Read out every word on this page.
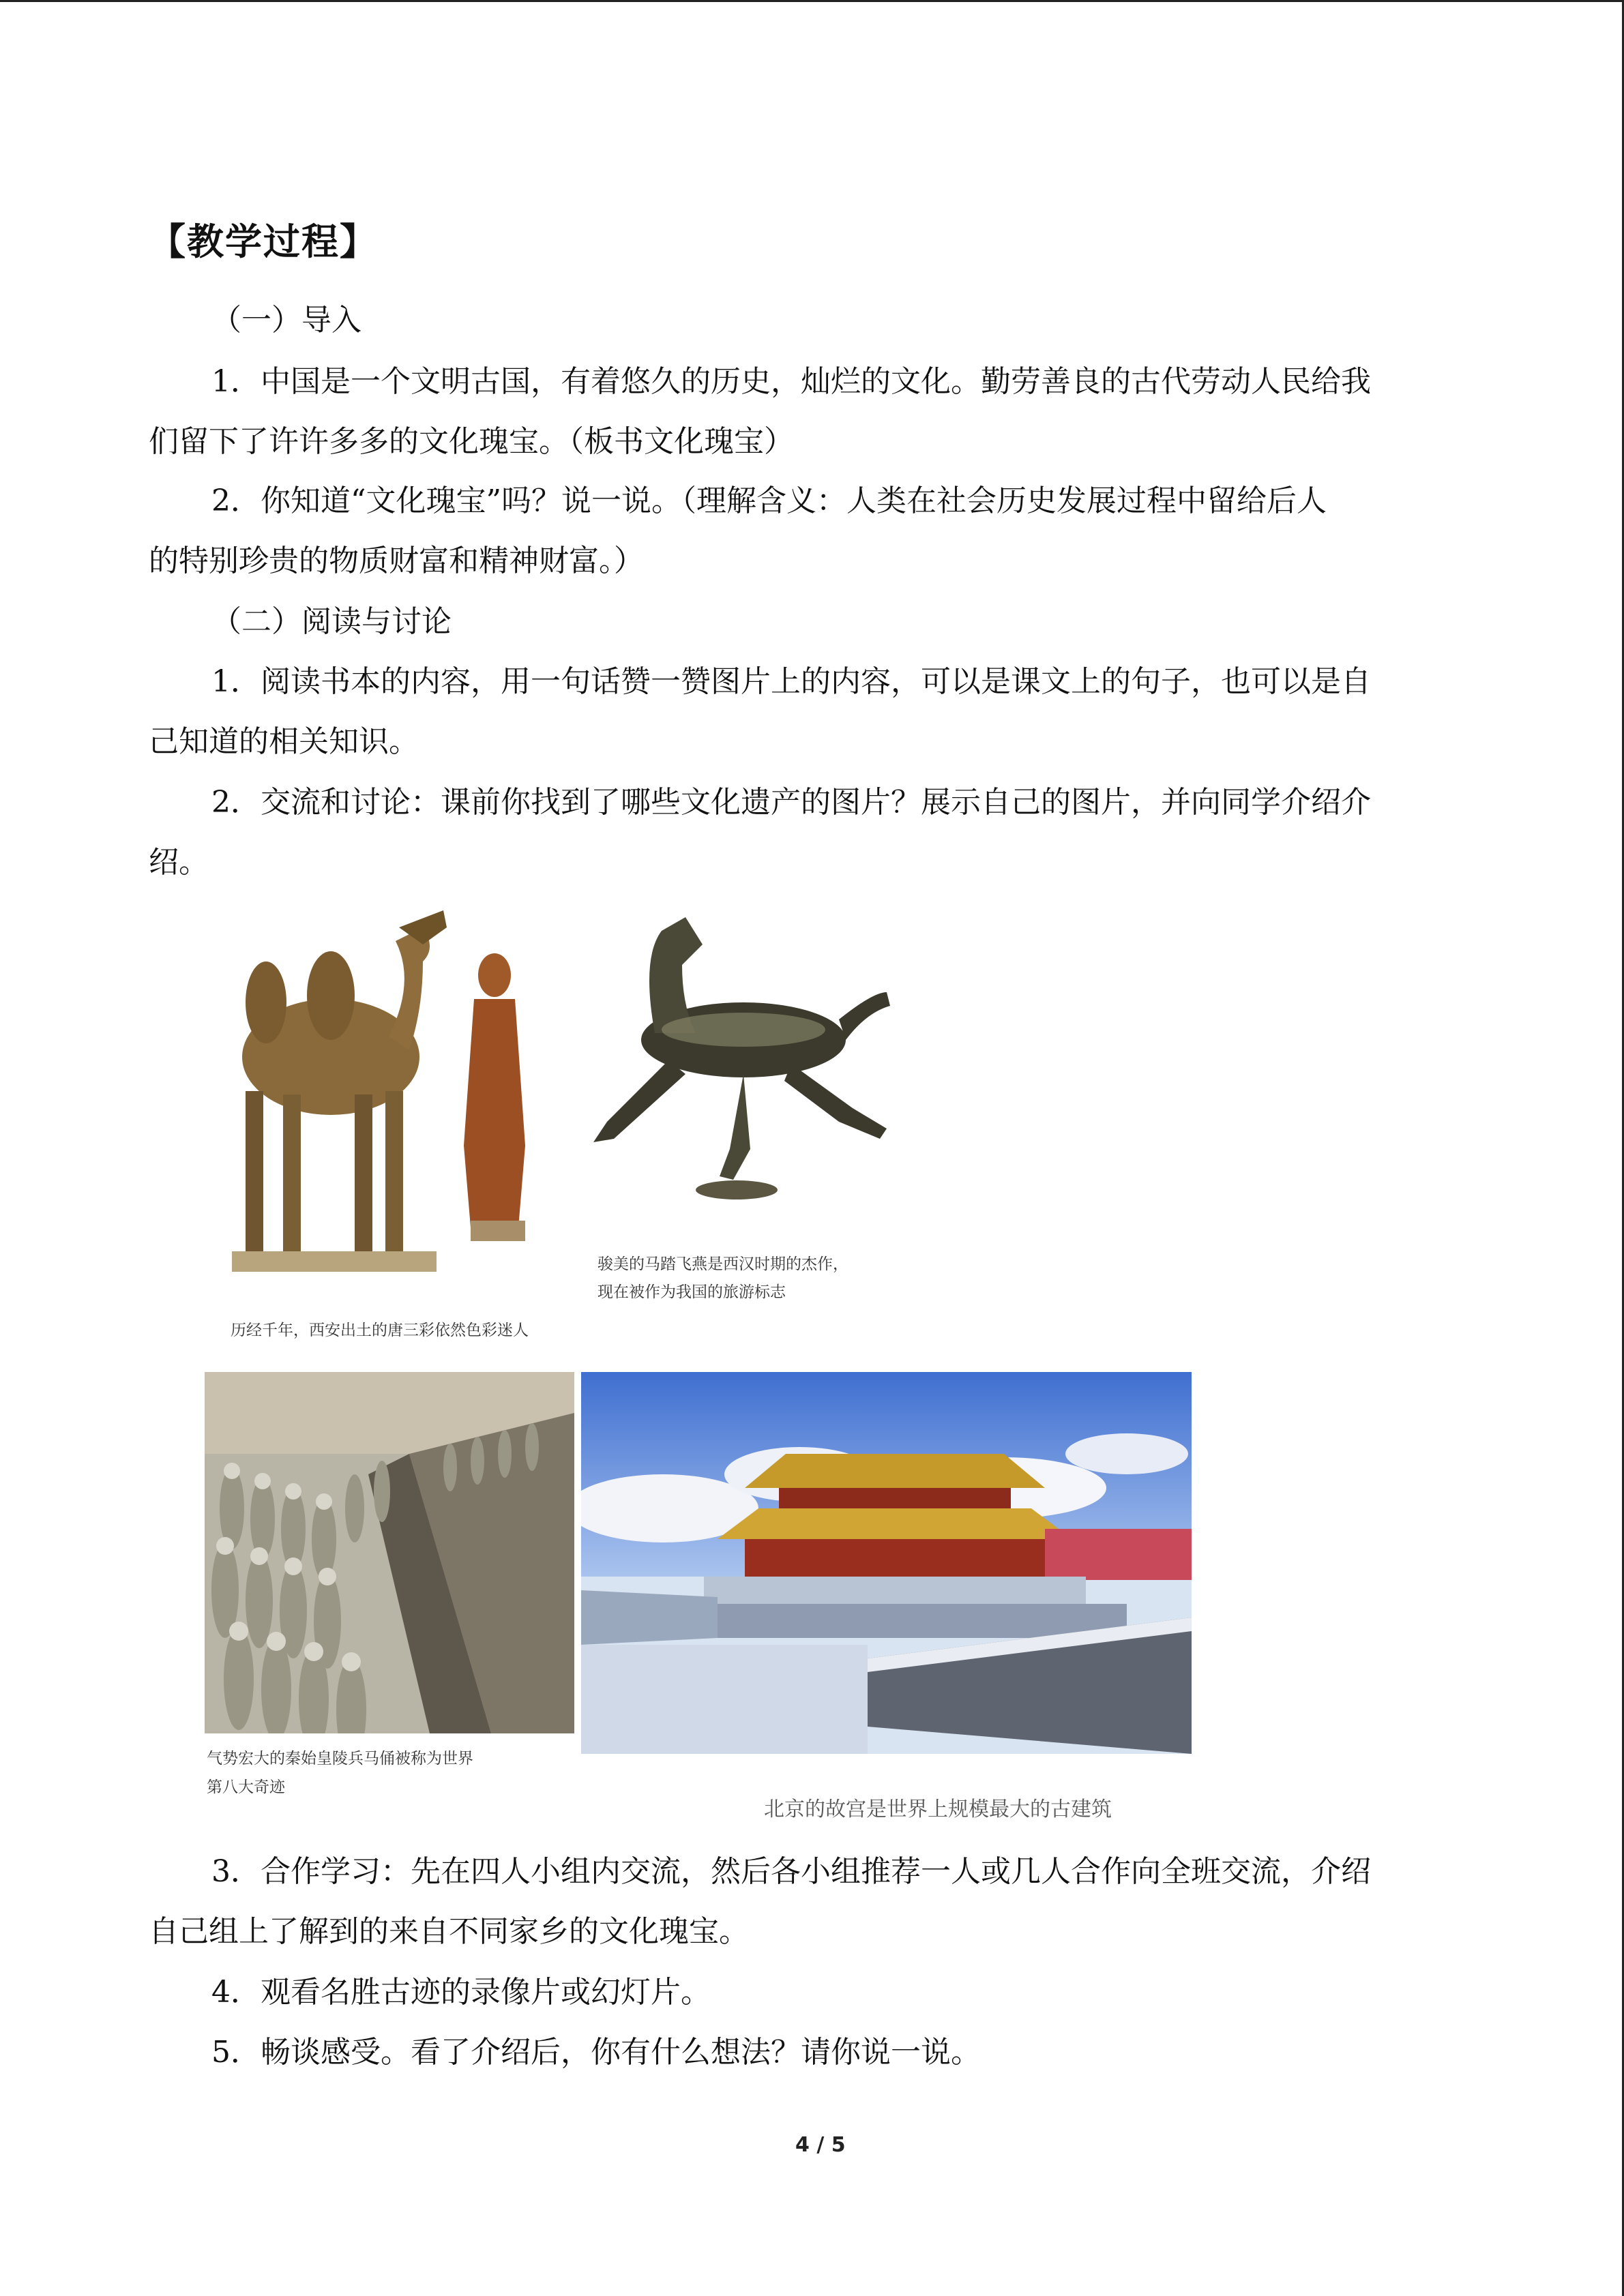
【教学过程】
（一）导入
1．中国是一个文明古国，有着悠久的历史，灿烂的文化。勤劳善良的古代劳动人民给我
们留下了许许多多的文化瑰宝。（板书文化瑰宝）
2．你知道“文化瑰宝”吗？说一说。（理解含义：人类在社会历史发展过程中留给后人
的特别珍贵的物质财富和精神财富。）
（二）阅读与讨论
1．阅读书本的内容，用一句话赞一赞图片上的内容，可以是课文上的句子，也可以是自
己知道的相关知识。
2．交流和讨论：课前你找到了哪些文化遗产的图片？展示自己的图片，并向同学介绍介
绍。
历经千年，西安出土的唐三彩依然色彩迷人
骏美的马踏飞燕是西汉时期的杰作，
现在被作为我国的旅游标志
气势宏大的秦始皇陵兵马俑被称为世界
第八大奇迹
北京的故宫是世界上规模最大的古建筑
3．合作学习：先在四人小组内交流，然后各小组推荐一人或几人合作向全班交流，介绍
自己组上了解到的来自不同家乡的文化瑰宝。
4．观看名胜古迹的录像片或幻灯片。
5．畅谈感受。看了介绍后，你有什么想法？请你说一说。
4 / 5
